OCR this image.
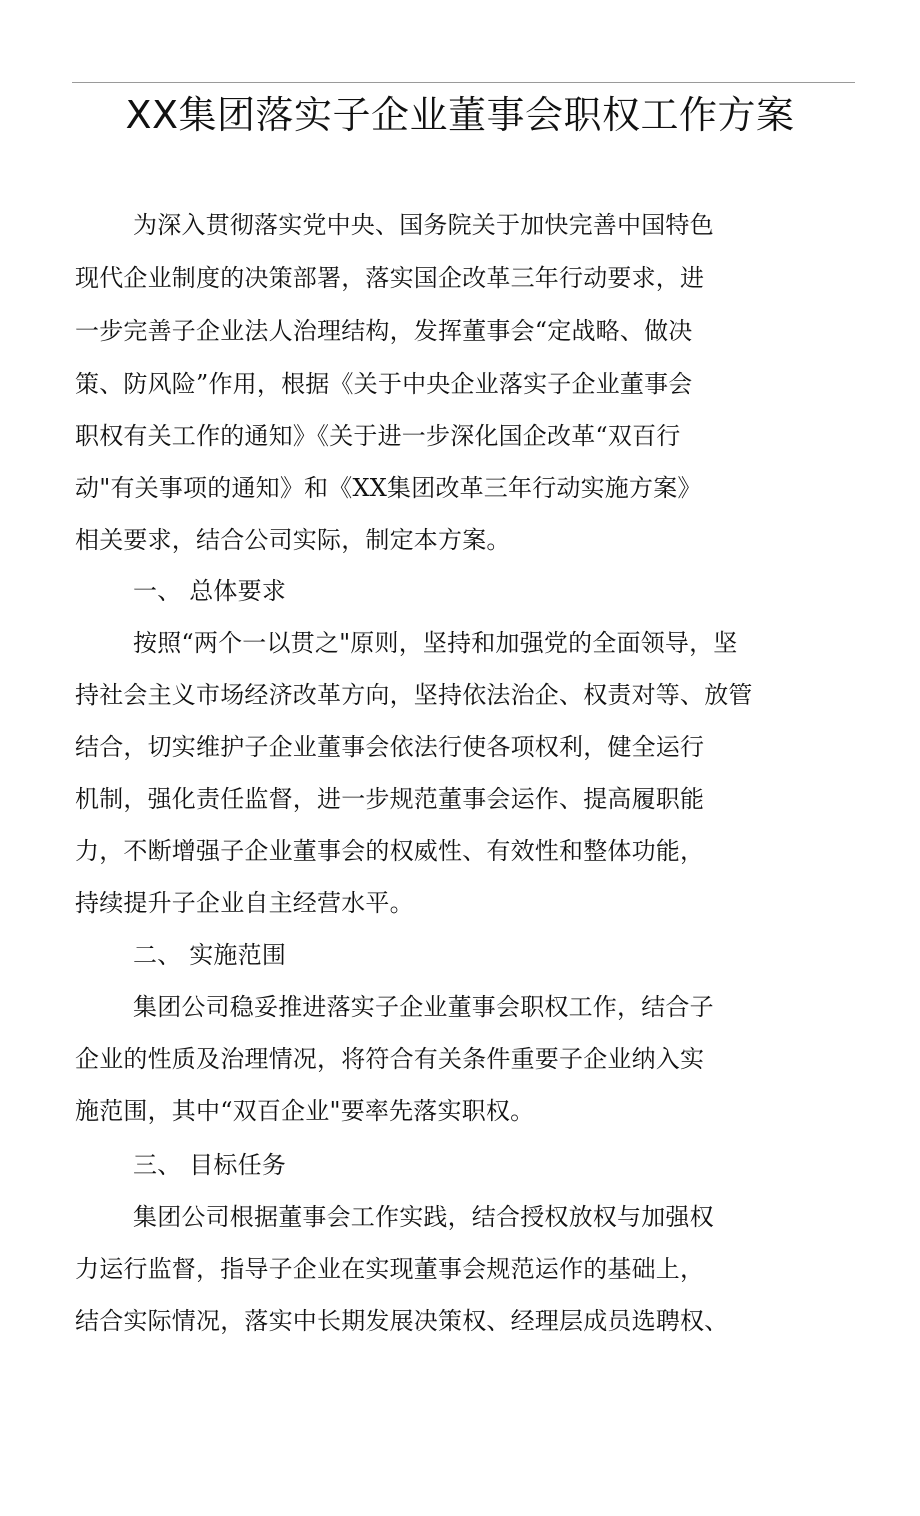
XX集团落实子企业董事会职权工作方案
为深入贯彻落实党中央、国务院关于加快完善中国特色
现代企业制度的决策部署，落实国企改革三年行动要求，进
一步完善子企业法人治理结构，发挥董事会“定战略、做决
策、防风险”作用，根据《关于中央企业落实子企业董事会
职权有关工作的通知》《关于进一步深化国企改革“双百行
动"有关事项的通知》和《XX集团改革三年行动实施方案》
相关要求，结合公司实际，制定本方案。
一、 总体要求
按照“两个一以贯之"原则，坚持和加强党的全面领导，坚
持社会主义市场经济改革方向，坚持依法治企、权责对等、放管
结合，切实维护子企业董事会依法行使各项权利，健全运行
机制，强化责任监督，进一步规范董事会运作、提高履职能
力，不断增强子企业董事会的权威性、有效性和整体功能，
持续提升子企业自主经营水平。
二、 实施范围
集团公司稳妥推进落实子企业董事会职权工作，结合子
企业的性质及治理情况，将符合有关条件重要子企业纳入实
施范围，其中“双百企业"要率先落实职权。
三、 目标任务
集团公司根据董事会工作实践，结合授权放权与加强权
力运行监督，指导子企业在实现董事会规范运作的基础上，
结合实际情况，落实中长期发展决策权、经理层成员选聘权、
